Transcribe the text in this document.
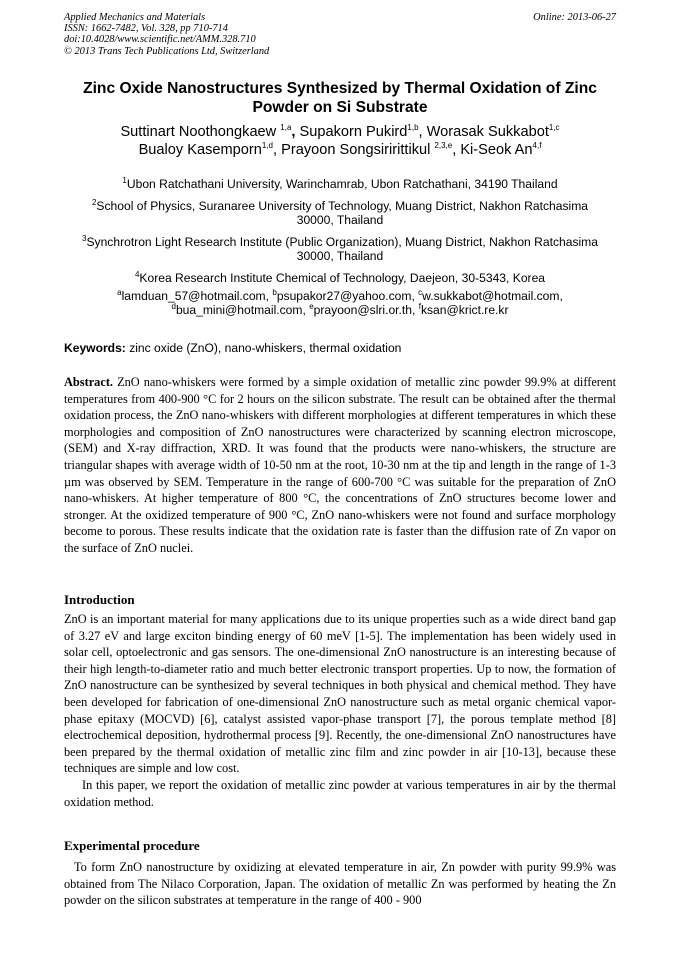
Applied Mechanics and Materials
ISSN: 1662-7482, Vol. 328, pp 710-714
doi:10.4028/www.scientific.net/AMM.328.710
© 2013 Trans Tech Publications Ltd, Switzerland
Online: 2013-06-27
Zinc Oxide Nanostructures Synthesized by Thermal Oxidation of Zinc
Powder on Si Substrate
Suttinart Noothongkaew $^{1,a}$, Supakorn Pukird$^{1,b}$, Worasak Sukkabot$^{1,c}$
Bualoy Kasemporn$^{1,d}$, Prayoon Songsiririttikul $^{2,3,e}$, Ki-Seok An$^{4,f}$

$^1$Ubon Ratchathani University, Warinchamrab, Ubon Ratchathani, 34190 Thailand

$^2$School of Physics, Suranaree University of Technology, Muang District, Nakhon Ratchasima
30000, Thailand

$^3$Synchrotron Light Research Institute (Public Organization), Muang District, Nakhon Ratchasima
30000, Thailand

$^4$Korea Research Institute Chemical of Technology, Daejeon, 30-5343, Korea

$^a$lamduan_57@hotmail.com, $^b$psupakor27@yahoo.com, $^c$w.sukkabot@hotmail.com,
$^d$bua_mini@hotmail.com, $^e$prayoon@slri.or.th, $^f$ksan@krict.re.kr
Keywords: zinc oxide (ZnO), nano-whiskers, thermal oxidation

Abstract. ZnO nano-whiskers were formed by a simple oxidation of metallic zinc powder 99.9% at different temperatures from 400-900 °C for 2 hours on the silicon substrate. The result can be obtained after the thermal oxidation process, the ZnO nano-whiskers with different morphologies at different temperatures in which these morphologies and composition of ZnO nanostructures were characterized by scanning electron microscope, (SEM) and X-ray diffraction, XRD. It was found that the products were nano-whiskers, the structure are triangular shapes with average width of 10-50 nm at the root, 10-30 nm at the tip and length in the range of 1-3 µm was observed by SEM. Temperature in the range of 600-700 °C was suitable for the preparation of ZnO nano-whiskers. At higher temperature of 800 °C, the concentrations of ZnO structures become lower and stronger. At the oxidized temperature of 900 °C, ZnO nano-whiskers were not found and surface morphology become to porous. These results indicate that the oxidation rate is faster than the diffusion rate of Zn vapor on the surface of ZnO nuclei.

Introduction

ZnO is an important material for many applications due to its unique properties such as a wide direct band gap of 3.27 eV and large exciton binding energy of 60 meV [1-5]. The implementation has been widely used in solar cell, optoelectronic and gas sensors. The one-dimensional ZnO nanostructure is an interesting because of their high length-to-diameter ratio and much better electronic transport properties. Up to now, the formation of ZnO nanostructure can be synthesized by several techniques in both physical and chemical method. They have been developed for fabrication of one-dimensional ZnO nanostructure such as metal organic chemical vapor-phase epitaxy (MOCVD) [6], catalyst assisted vapor-phase transport [7], the porous template method [8] electrochemical deposition, hydrothermal process [9]. Recently, the one-dimensional ZnO nanostructures have been prepared by the thermal oxidation of metallic zinc film and zinc powder in air [10-13], because these techniques are simple and low cost.

In this paper, we report the oxidation of metallic zinc powder at various temperatures in air by the thermal oxidation method.

Experimental procedure

To form ZnO nanostructure by oxidizing at elevated temperature in air, Zn powder with purity 99.9% was obtained from The Nilaco Corporation, Japan. The oxidation of metallic Zn was performed by heating the Zn powder on the silicon substrates at temperature in the range of 400 - 900
